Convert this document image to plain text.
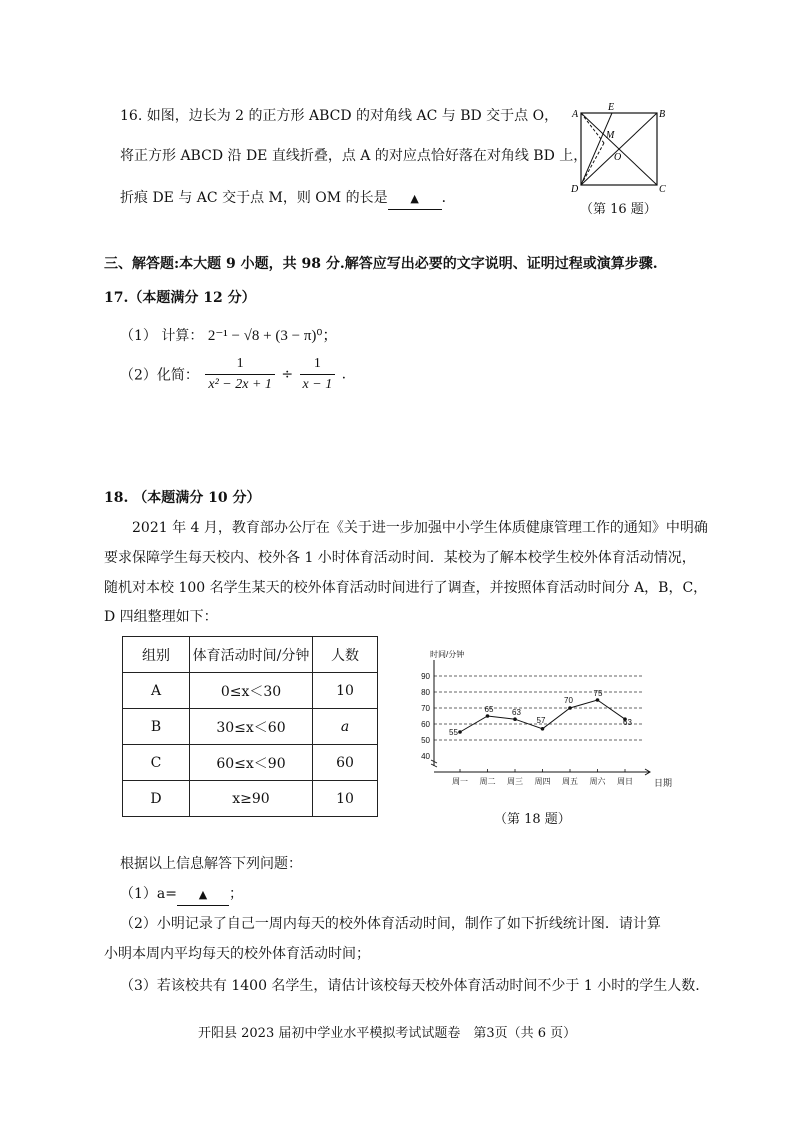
16. 如图，边长为 2 的正方形 ABCD 的对角线 AC 与 BD 交于点 O，
将正方形 ABCD 沿 DE 直线折叠，点 A 的对应点恰好落在对角线 BD 上，
折痕 DE 与 AC 交于点 M，则 OM 的长是 ▲ ．
A	B
C
D
E
M
O
（第 16 题）
三、解答题:本大题 9 小题，共 98 分.解答应写出必要的文字说明、证明过程或演算步骤.
17.（本题满分 12 分）
（1） 计算： 2⁻¹ − √8 + (3 − π)⁰；
（2）化简： $\frac{1}{\text{x² − 2x + 1}} \div \frac{1}{x - 1}$ .
18. （本题满分 10 分）
2021 年 4 月，教育部办公厅在《关于进一步加强中小学生体质健康管理工作的通知》中明确
要求保障学生每天校内、校外各 1 小时体育活动时间．某校为了解本校学生校外体育活动情况，
随机对本校 100 名学生某天的校外体育活动时间进行了调查，并按照体育活动时间分 A，B，C，
D 四组整理如下：
组别	体育活动时间/分钟	人数
A	0≤x＜30	10
B	30≤x＜60	a
C	60≤x＜90	60
D	x≥90	10
40
50
60
70
80
90
时间/分钟
日期
周一 周二 周三 周四 周五 周六 周日
55
65 63
57
70
75
63
（第 18 题）
根据以上信息解答下列问题：
（1）a= ▲ ；
（2）小明记录了自己一周内每天的校外体育活动时间，制作了如下折线统计图．请计算
小明本周内平均每天的校外体育活动时间；
（3）若该校共有 1400 名学生，请估计该校每天校外体育活动时间不少于 1 小时的学生人数.
开阳县 2023 届初中学业水平模拟考试试题卷　第3页（共 6 页）
